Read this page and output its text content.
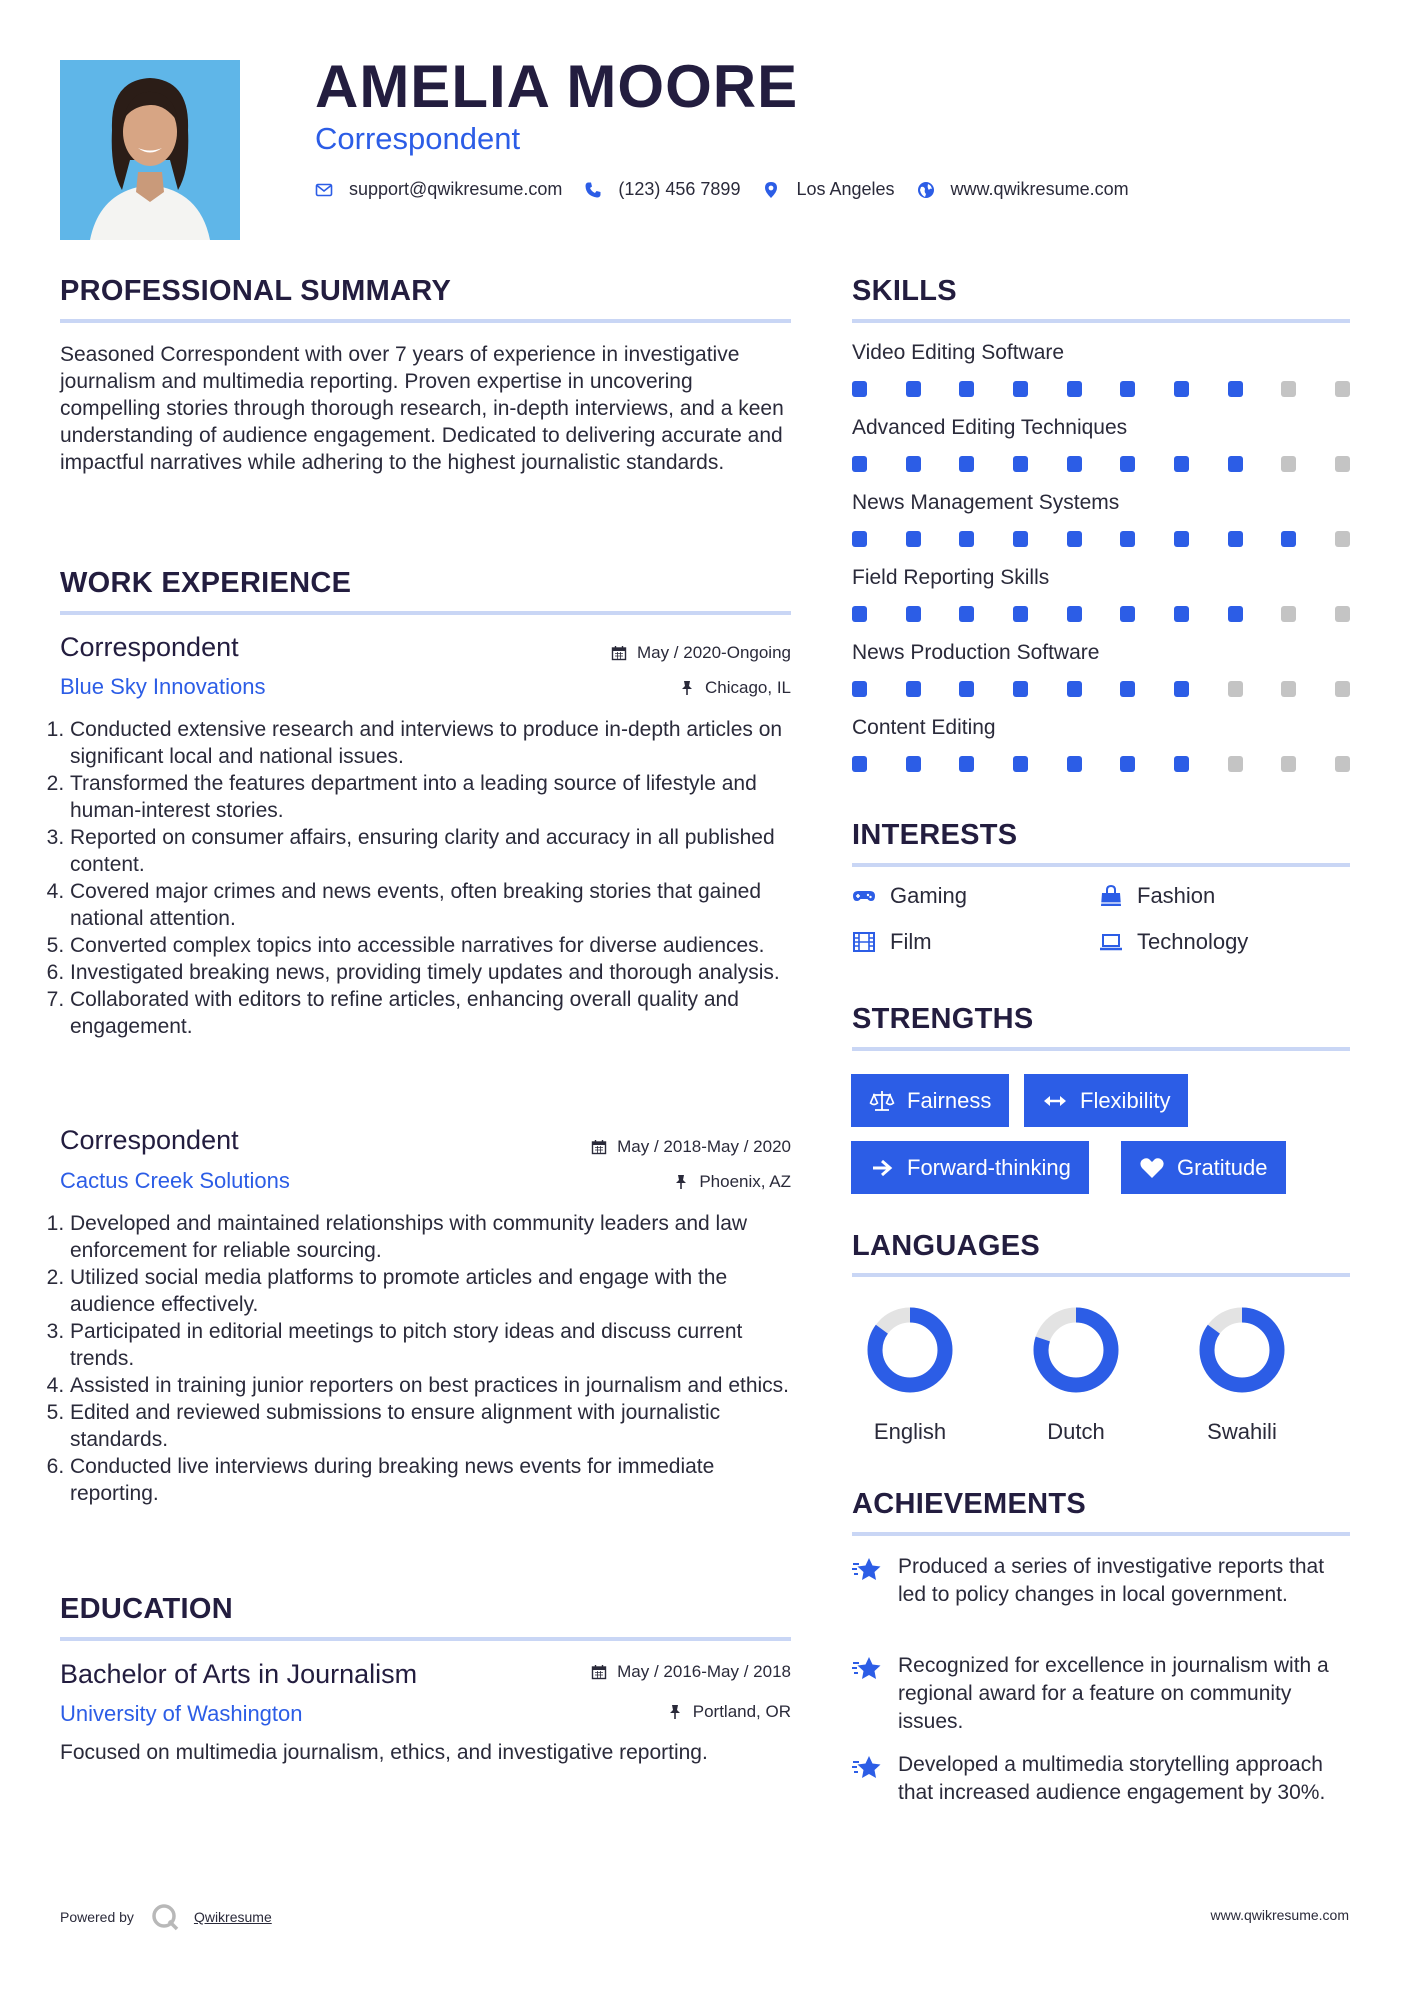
AMELIA MOORE
Correspondent
support@qwikresume.com	(123) 456 7899	Los Angeles	www.qwikresume.com
PROFESSIONAL SUMMARY
Seasoned Correspondent with over 7 years of experience in investigative journalism and multimedia reporting. Proven expertise in uncovering compelling stories through thorough research, in-depth interviews, and a keen understanding of audience engagement. Dedicated to delivering accurate and impactful narratives while adhering to the highest journalistic standards.
WORK EXPERIENCE
Correspondent	May / 2020-Ongoing
Blue Sky Innovations	Chicago, IL
1. Conducted extensive research and interviews to produce in-depth articles on significant local and national issues.
2. Transformed the features department into a leading source of lifestyle and human-interest stories.
3. Reported on consumer affairs, ensuring clarity and accuracy in all published content.
4. Covered major crimes and news events, often breaking stories that gained national attention.
5. Converted complex topics into accessible narratives for diverse audiences.
6. Investigated breaking news, providing timely updates and thorough analysis.
7. Collaborated with editors to refine articles, enhancing overall quality and engagement.
Correspondent	May / 2018-May / 2020
Cactus Creek Solutions	Phoenix, AZ
1. Developed and maintained relationships with community leaders and law enforcement for reliable sourcing.
2. Utilized social media platforms to promote articles and engage with the audience effectively.
3. Participated in editorial meetings to pitch story ideas and discuss current trends.
4. Assisted in training junior reporters on best practices in journalism and ethics.
5. Edited and reviewed submissions to ensure alignment with journalistic standards.
6. Conducted live interviews during breaking news events for immediate reporting.
EDUCATION
Bachelor of Arts in Journalism	May / 2016-May / 2018
University of Washington	Portland, OR
Focused on multimedia journalism, ethics, and investigative reporting.
SKILLS
Video Editing Software
Advanced Editing Techniques
News Management Systems
Field Reporting Skills
News Production Software
Content Editing
INTERESTS
Gaming	Fashion
Film	Technology
STRENGTHS
Fairness	Flexibility
Forward-thinking	Gratitude
LANGUAGES
English	Dutch	Swahili
ACHIEVEMENTS
Produced a series of investigative reports that led to policy changes in local government.
Recognized for excellence in journalism with a regional award for a feature on community issues.
Developed a multimedia storytelling approach that increased audience engagement by 30%.
Powered by	Qwikresume	www.qwikresume.com
